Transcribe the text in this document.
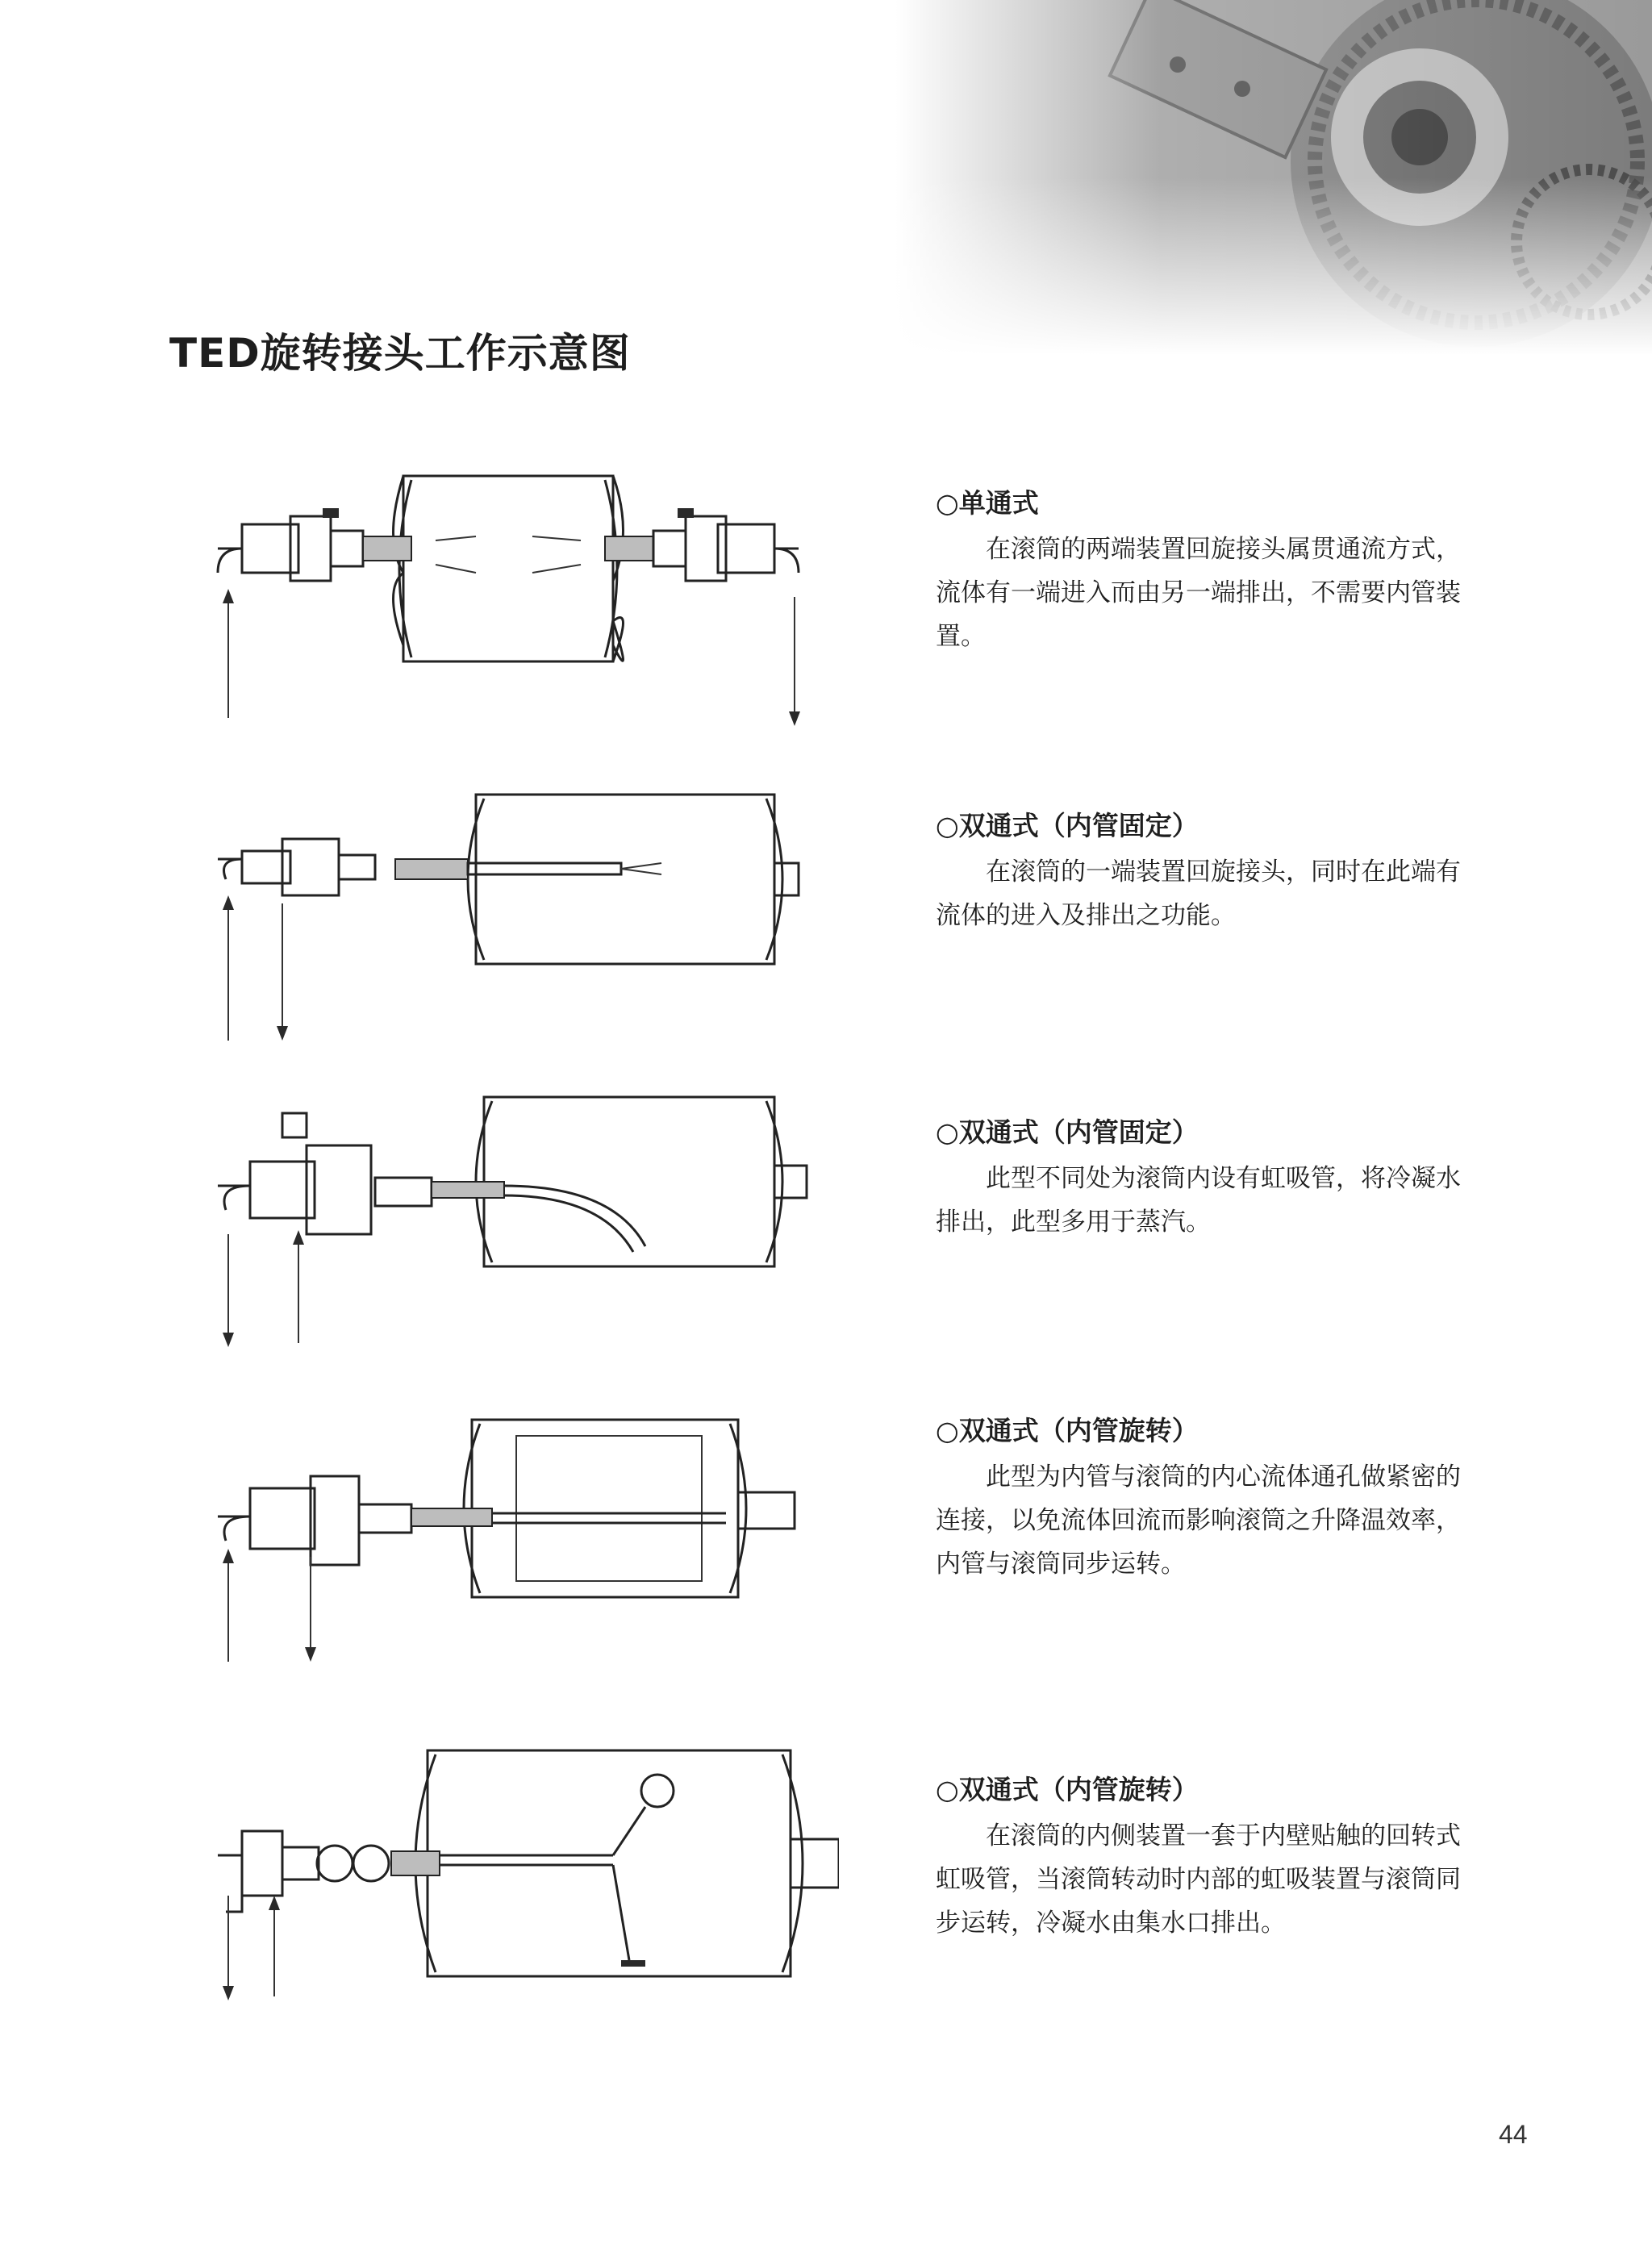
TED旋转接头工作示意图

○单通式

在滚筒的两端装置回旋接头属贯通流方式，流体有一端进入而由另一端排出，不需要内管装置。

○双通式（内管固定）

在滚筒的一端装置回旋接头，同时在此端有流体的进入及排出之功能。

○双通式（内管固定）

此型不同处为滚筒内设有虹吸管，将冷凝水排出，此型多用于蒸汽。

○双通式（内管旋转）

此型为内管与滚筒的内心流体通孔做紧密的连接，以免流体回流而影响滚筒之升降温效率，内管与滚筒同步运转。

○双通式（内管旋转）

在滚筒的内侧装置一套于内壁贴触的回转式虹吸管，当滚筒转动时内部的虹吸装置与滚筒同步运转，冷凝水由集水口排出。

44
